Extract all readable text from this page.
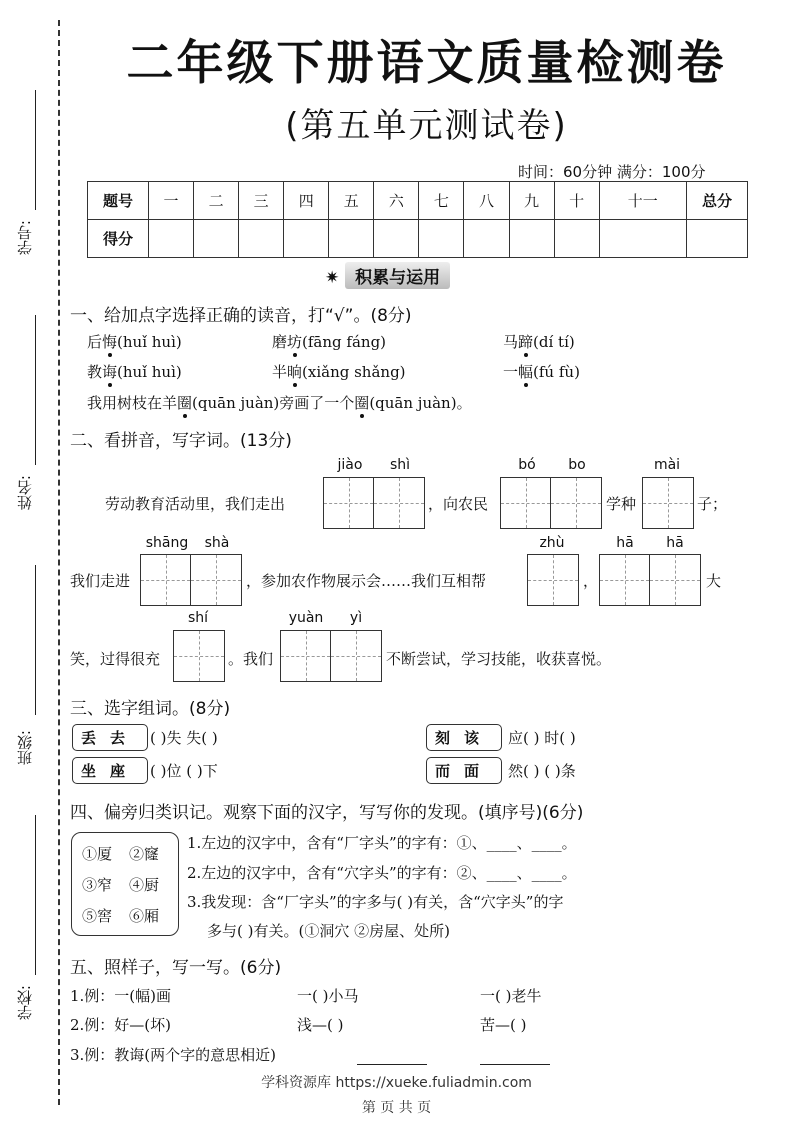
学号:
姓名:
班级:
学校:
二年级下册语文质量检测卷
(第五单元测试卷)
时间：60分钟 满分：100分
题号	一	二	三	四	五	六	七	八	九	十	十一	总分
得分												
✷ 积累与运用
一、给加点字选择正确的读音，打“√”。(8分)
后悔(huǐ huì)	磨坊(fāng fáng)	马蹄(dí tí)
教诲(huǐ huì)	半晌(xiǎng shǎng)	一幅(fú fù)
我用树枝在羊圈(quān juàn)旁画了一个圈(quān juàn)。
二、看拼音，写字词。(13分)
jiào	shì	bó	bo	mài
劳动教育活动里，我们走出	，向农民	学种	子；
shāng	shà	zhù	hā	hā
我们走进	，参加农作物展示会……我们互相帮	，	大
shí	yuàn	yì
笑，过得很充	。我们	不断尝试，学习技能，收获喜悦。
三、选字组词。(8分)
丢去 ( )失 失( )	刻该 应( ) 时( )
坐座 ( )位 ( )下	而面 然( ) ( )条
四、偏旁归类识记。观察下面的汉字，写写你的发现。(填序号)(6分)
①厦 ②窿
③窄 ④厨
⑤窖 ⑥厢
1.左边的汉字中，含有“厂字头”的字有：①、____、____。
2.左边的汉字中，含有“穴字头”的字有：②、____、____。
3.我发现：含“厂字头”的字多与( )有关，含“穴字头”的字
多与( )有关。(①洞穴 ②房屋、处所)
五、照样子，写一写。(6分)
1.例：一(幅)画	一( )小马	一( )老牛
2.例：好—(坏)	浅—( )	苦—( )
3.例：教诲(两个字的意思相近)
学科资源库 https://xueke.fuliadmin.com
第 页 共 页
